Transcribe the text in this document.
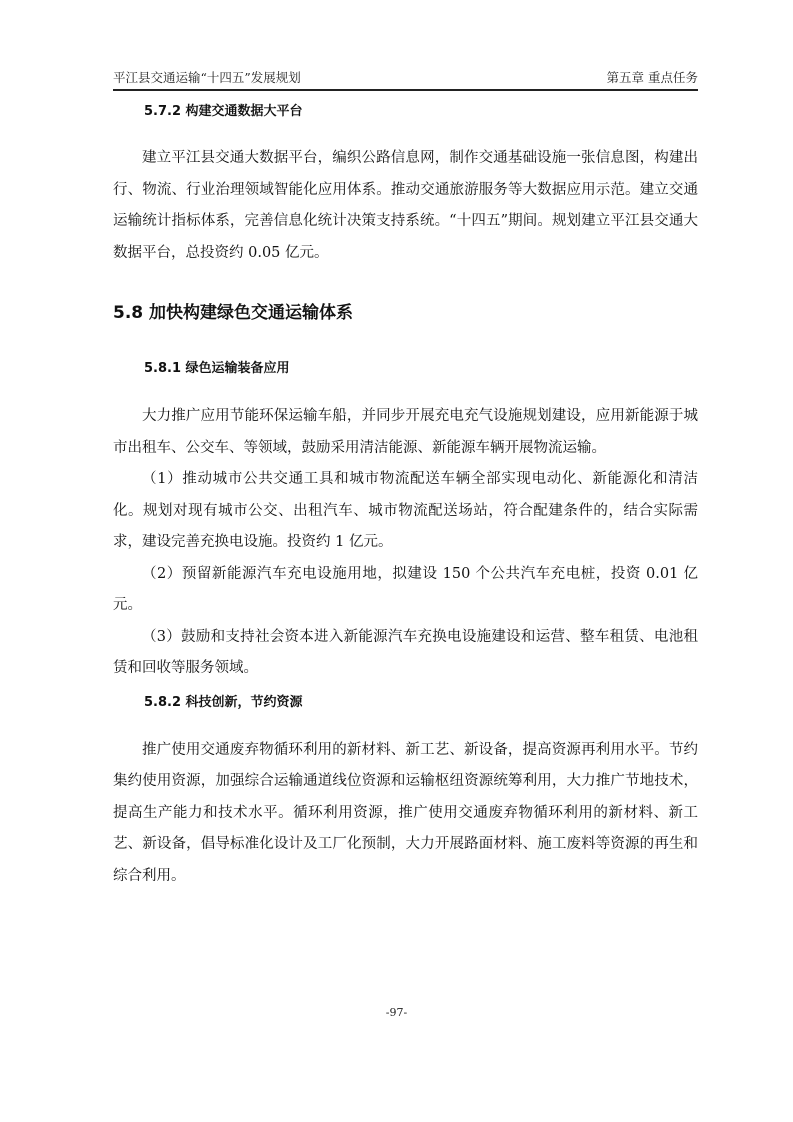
平江县交通运输“十四五”发展规划	第五章 重点任务
5.7.2 构建交通数据大平台

建立平江县交通大数据平台，编织公路信息网，制作交通基础设施一张信息图，构建出行、物流、行业治理领域智能化应用体系。推动交通旅游服务等大数据应用示范。建立交通运输统计指标体系，完善信息化统计决策支持系统。“十四五”期间。规划建立平江县交通大数据平台，总投资约 0.05 亿元。

5.8 加快构建绿色交通运输体系
5.8.1 绿色运输装备应用

大力推广应用节能环保运输车船，并同步开展充电充气设施规划建设，应用新能源于城市出租车、公交车、等领域，鼓励采用清洁能源、新能源车辆开展物流运输。

（1）推动城市公共交通工具和城市物流配送车辆全部实现电动化、新能源化和清洁化。规划对现有城市公交、出租汽车、城市物流配送场站，符合配建条件的，结合实际需求，建设完善充换电设施。投资约 1 亿元。

（2）预留新能源汽车充电设施用地，拟建设 150 个公共汽车充电桩，投资 0.01 亿元。

（3）鼓励和支持社会资本进入新能源汽车充换电设施建设和运营、整车租赁、电池租赁和回收等服务领域。

5.8.2 科技创新，节约资源

推广使用交通废弃物循环利用的新材料、新工艺、新设备，提高资源再利用水平。节约集约使用资源，加强综合运输通道线位资源和运输枢纽资源统筹利用，大力推广节地技术，提高生产能力和技术水平。循环利用资源，推广使用交通废弃物循环利用的新材料、新工艺、新设备，倡导标准化设计及工厂化预制，大力开展路面材料、施工废料等资源的再生和综合利用。

-97-
